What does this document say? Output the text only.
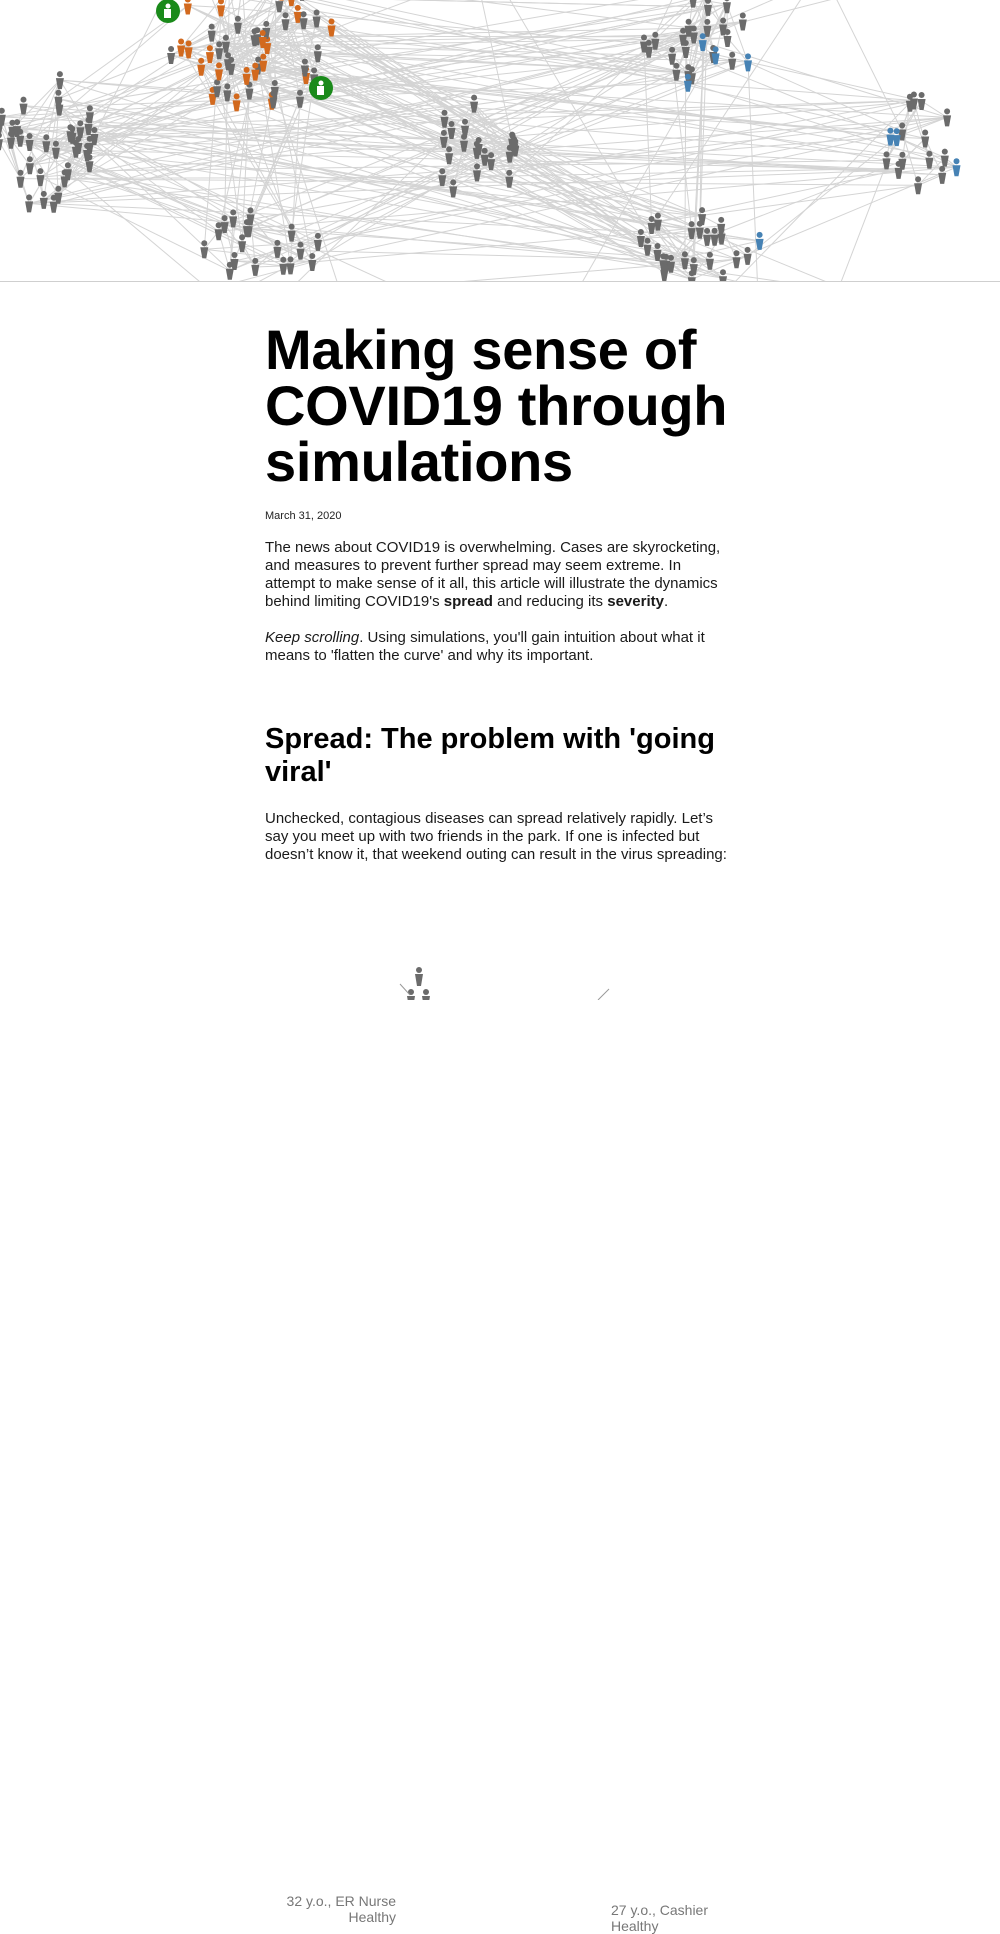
Making sense of COVID19 through simulations
March 31, 2020

The news about COVID19 is overwhelming. Cases are skyrocketing, and measures to prevent further spread may seem extreme. In attempt to make sense of it all, this article will illustrate the dynamics behind limiting COVID19's spread and reducing its severity.

Keep scrolling. Using simulations, you'll gain intuition about what it means to 'flatten the curve' and why its important.

Spread: The problem with 'going viral'

Unchecked, contagious diseases can spread relatively rapidly. Let’s say you meet up with two friends in the park. If one is infected but doesn’t know it, that weekend outing can result in the virus spreading:

32 y.o., ER Nurse
Healthy	27 y.o., Cashier
Healthy
